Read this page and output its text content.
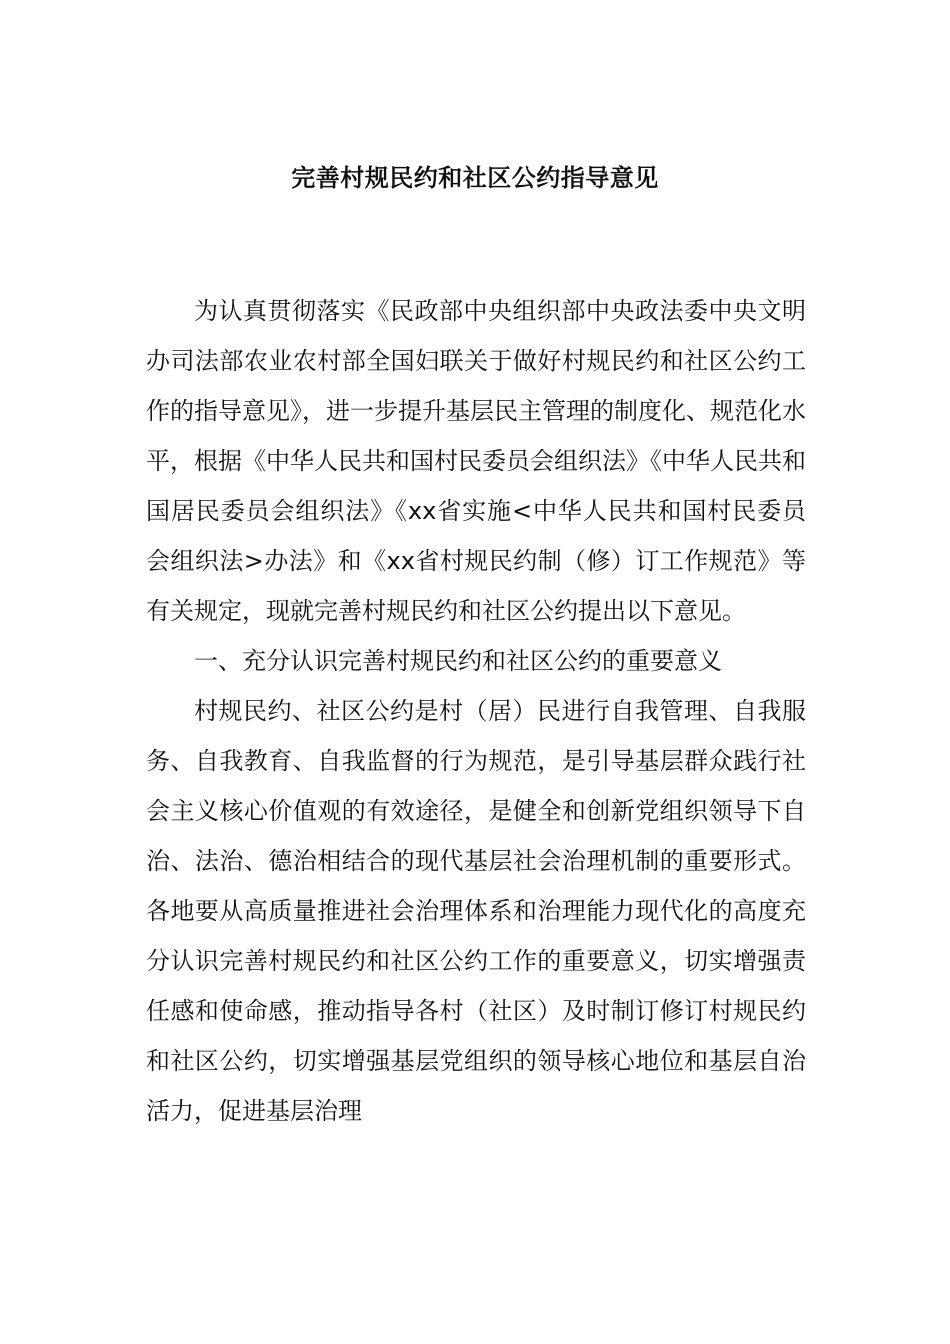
完善村规民约和社区公约指导意见

为认真贯彻落实《民政部中央组织部中央政法委中央文明办司法部农业农村部全国妇联关于做好村规民约和社区公约工作的指导意见》，进一步提升基层民主管理的制度化、规范化水平，根据《中华人民共和国村民委员会组织法》《中华人民共和国居民委员会组织法》《xx省实施<中华人民共和国村民委员会组织法>办法》和《xx省村规民约制（修）订工作规范》等有关规定，现就完善村规民约和社区公约提出以下意见。

一、充分认识完善村规民约和社区公约的重要意义

村规民约、社区公约是村（居）民进行自我管理、自我服务、自我教育、自我监督的行为规范，是引导基层群众践行社会主义核心价值观的有效途径，是健全和创新党组织领导下自治、法治、德治相结合的现代基层社会治理机制的重要形式。各地要从高质量推进社会治理体系和治理能力现代化的高度充分认识完善村规民约和社区公约工作的重要意义，切实增强责任感和使命感，推动指导各村（社区）及时制订修订村规民约和社区公约，切实增强基层党组织的领导核心地位和基层自治活力，促进基层治理
